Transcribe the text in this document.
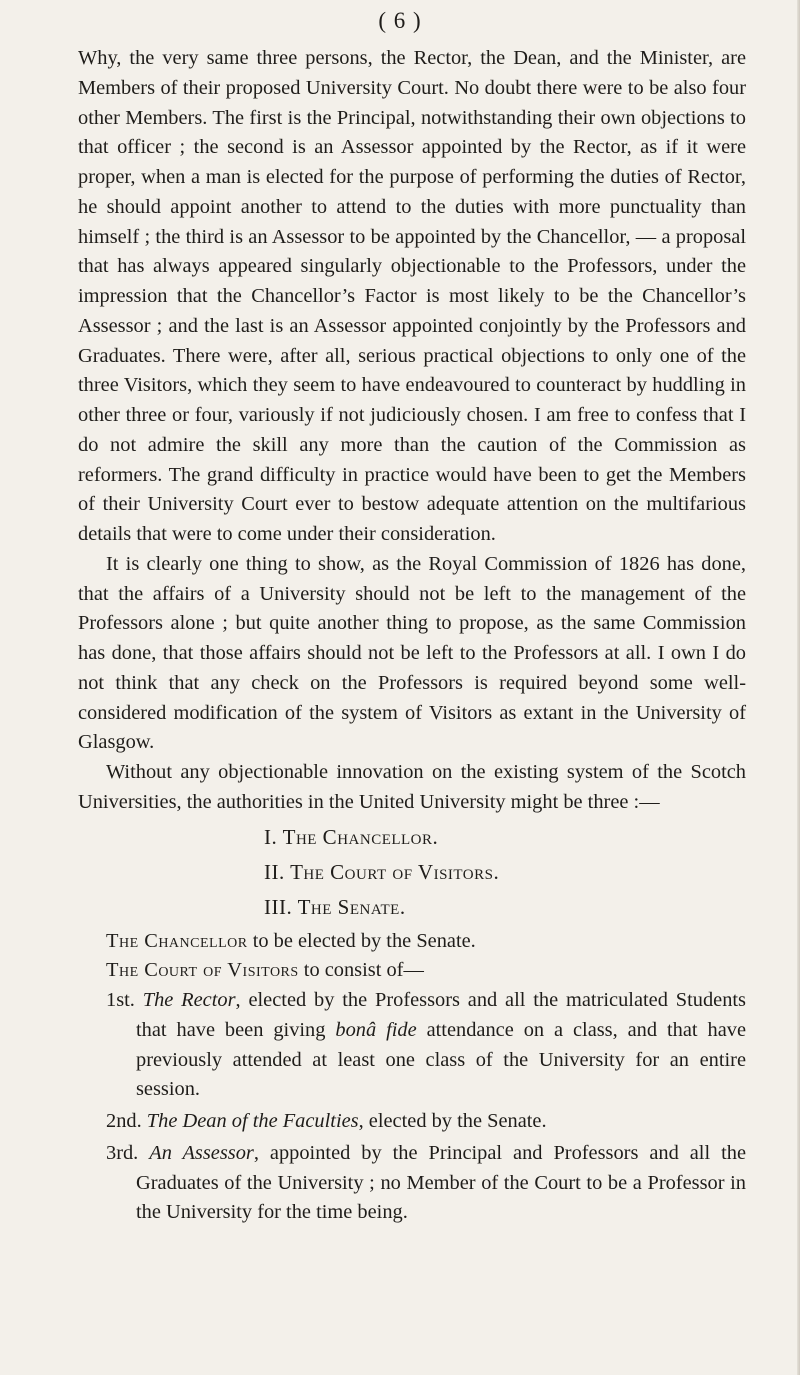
( 6 )

Why, the very same three persons, the Rector, the Dean, and the Minister, are Members of their proposed University Court. No doubt there were to be also four other Members. The first is the Principal, notwithstanding their own objections to that officer ; the second is an Assessor appointed by the Rector, as if it were proper, when a man is elected for the purpose of performing the duties of Rector, he should appoint another to attend to the duties with more punctuality than himself ; the third is an Assessor to be appointed by the Chancellor, — a proposal that has always appeared singularly objectionable to the Professors, under the impression that the Chancellor’s Factor is most likely to be the Chancellor’s Assessor ; and the last is an Assessor appointed conjointly by the Professors and Graduates. There were, after all, serious practical objections to only one of the three Visitors, which they seem to have endeavoured to counteract by huddling in other three or four, variously if not judiciously chosen. I am free to confess that I do not admire the skill any more than the caution of the Commission as reformers. The grand difficulty in practice would have been to get the Members of their University Court ever to bestow adequate attention on the multifarious details that were to come under their consideration.

It is clearly one thing to show, as the Royal Commission of 1826 has done, that the affairs of a University should not be left to the management of the Professors alone ; but quite another thing to propose, as the same Commission has done, that those affairs should not be left to the Professors at all. I own I do not think that any check on the Professors is required beyond some well-considered modification of the system of Visitors as extant in the University of Glasgow.

Without any objectionable innovation on the existing system of the Scotch Universities, the authorities in the United University might be three :—

I. The Chancellor.

II. The Court of Visitors.

III. The Senate.

The Chancellor to be elected by the Senate.

The Court of Visitors to consist of—

1st. The Rector, elected by the Professors and all the matriculated Students that have been giving bonâ fide attendance on a class, and that have previously attended at least one class of the University for an entire session.

2nd. The Dean of the Faculties, elected by the Senate.

3rd. An Assessor, appointed by the Principal and Professors and all the Graduates of the University ; no Member of the Court to be a Professor in the University for the time being.
